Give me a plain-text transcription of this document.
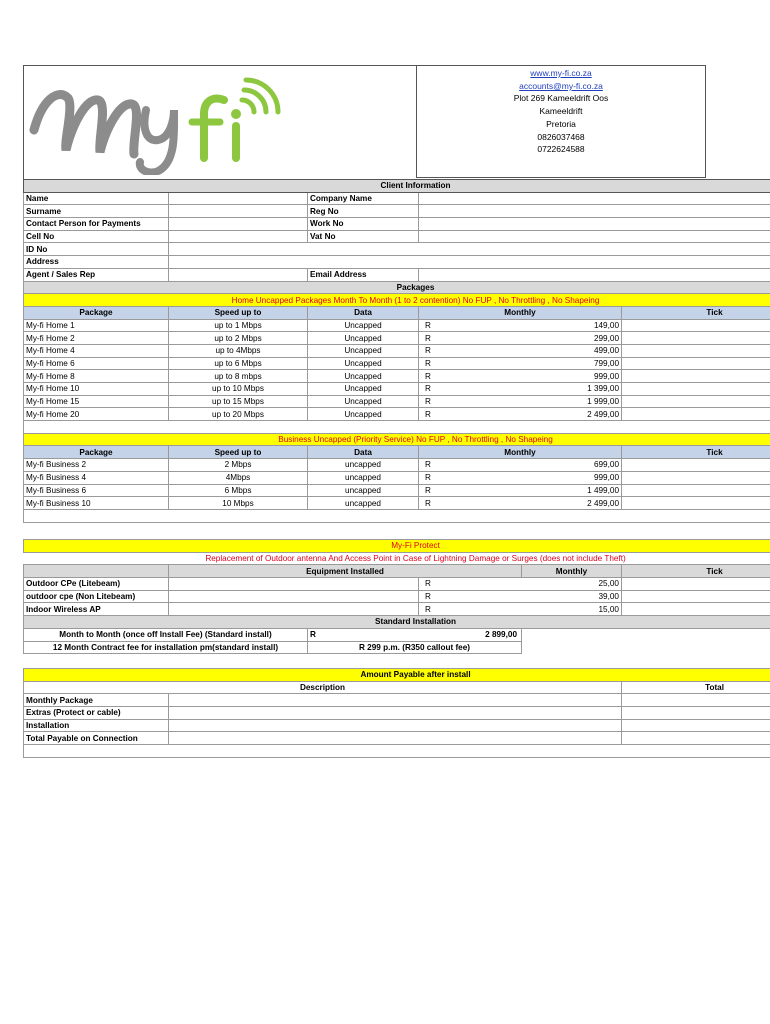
www.my-fi.co.za
accounts@my-fi.co.za
Plot 269 Kameeldrift Oos
Kameeldrift
Pretoria
0826037468
0722624588
Client Information					
Name		Company Name			
Surname		Reg No			
Contact Person for Payments		Work No			
Cell No		Vat No			
ID No					
Address					
Agent / Sales Rep		Email Address			
Packages					
Home Uncapped Packages Month To Month (1 to 2 contention) No FUP , No Throttling , No Shapeing					
Package	Speed up to	Data	Monthly		Tick
My-fi Home 1	up to 1 Mbps	Uncapped	R	149,00	
My-fi Home 2	up to 2 Mbps	Uncapped	R	299,00	
My-fi Home 4	up to 4Mbps	Uncapped	R	499,00	
My-fi Home 6	up to 6 Mbps	Uncapped	R	799,00	
My-fi Home 8	up to 8 mbps	Uncapped	R	999,00	
My-fi Home 10	up to 10 Mbps	Uncapped	R	1 399,00	
My-fi Home 15	up to 15 Mbps	Uncapped	R	1 999,00	
My-fi Home 20	up to 20 Mbps	Uncapped	R	2 499,00	

Business Uncapped (Priority Service) No FUP , No Throttling , No Shapeing					
Package	Speed up to	Data	Monthly		Tick
My-fi Business 2	2 Mbps	uncapped	R	699,00	
My-fi Business 4	4Mbps	uncapped	R	999,00	
My-fi Business 6	6 Mbps	uncapped	R	1 499,00	
My-fi Business 10	10 Mbps	uncapped	R	2 499,00	

My-Fi Protect					
Replacement of Outdoor antenna And Access Point in Case of Lightning Damage or Surges (does not include Theft)					
	Equipment Installed			Monthly	Tick
Outdoor CPe (Litebeam)			R	25,00	
outdoor cpe (Non Litebeam)			R	39,00	
Indoor Wireless AP			R	15,00	
Standard Installation					
Month to Month (once off Install Fee) (Standard install)		R 2 899,00			

12 Month Contract fee for installation pm(standard install)		R 299 p.m. (R350 callout fee)			
Amount Payable after install		
Description		Total
Monthly Package		
Extras (Protect or cable)		
Installation		
Total Payable on Connection		
